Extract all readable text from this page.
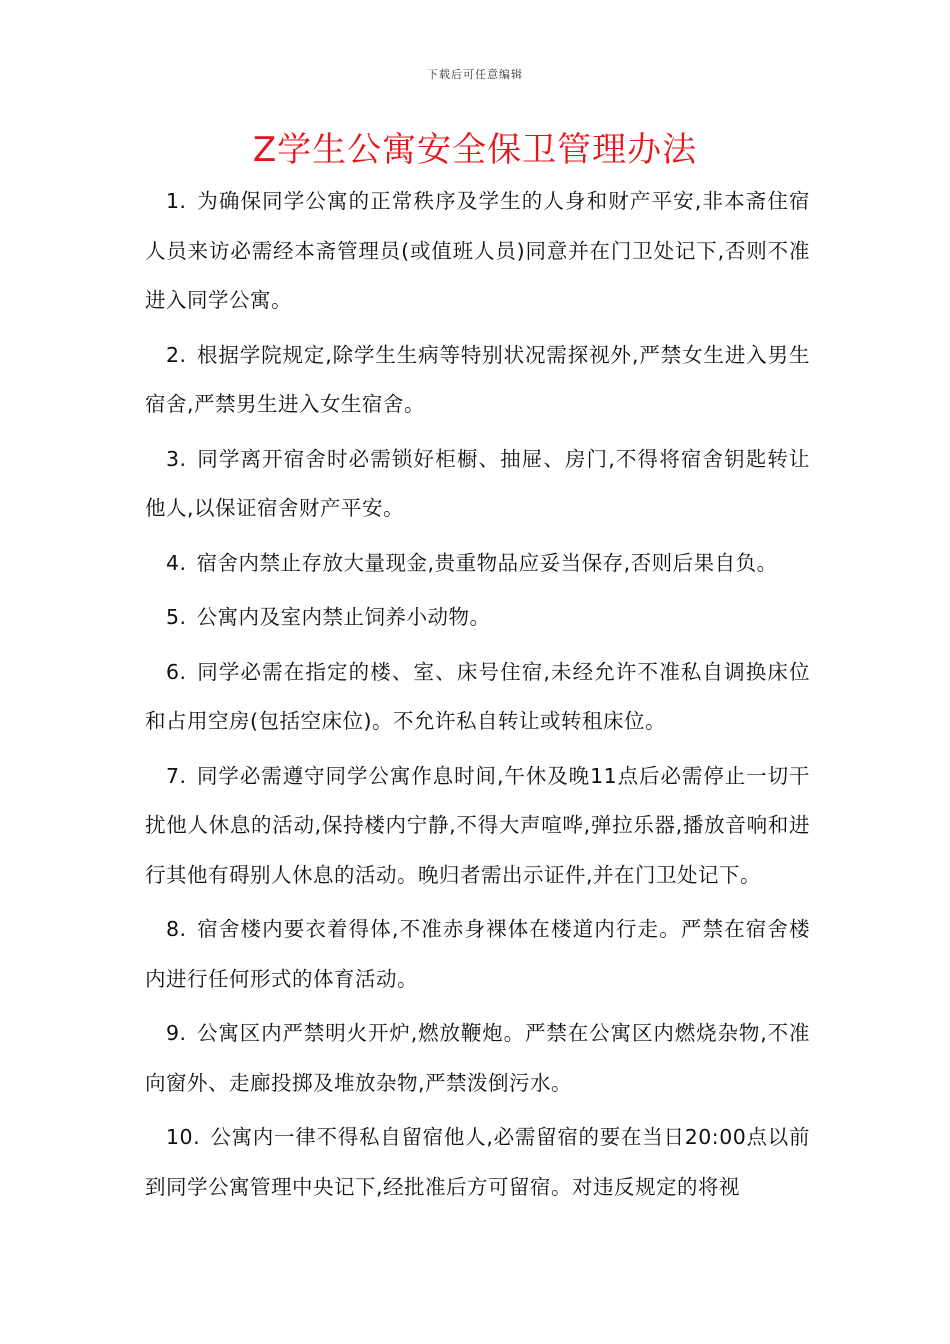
下载后可任意编辑
Z学生公寓安全保卫管理办法

1. 为确保同学公寓的正常秩序及学生的人身和财产平安,非本斋住宿人员来访必需经本斋管理员(或值班人员)同意并在门卫处记下,否则不准进入同学公寓。

2. 根据学院规定,除学生生病等特别状况需探视外,严禁女生进入男生宿舍,严禁男生进入女生宿舍。

3. 同学离开宿舍时必需锁好柜橱、抽屉、房门,不得将宿舍钥匙转让他人,以保证宿舍财产平安。

4. 宿舍内禁止存放大量现金,贵重物品应妥当保存,否则后果自负。

5. 公寓内及室内禁止饲养小动物。

6. 同学必需在指定的楼、室、床号住宿,未经允许不准私自调换床位和占用空房(包括空床位)。不允许私自转让或转租床位。

7. 同学必需遵守同学公寓作息时间,午休及晚11点后必需停止一切干扰他人休息的活动,保持楼内宁静,不得大声喧哗,弹拉乐器,播放音响和进行其他有碍别人休息的活动。晚归者需出示证件,并在门卫处记下。

8. 宿舍楼内要衣着得体,不准赤身裸体在楼道内行走。严禁在宿舍楼内进行任何形式的体育活动。

9. 公寓区内严禁明火开炉,燃放鞭炮。严禁在公寓区内燃烧杂物,不准向窗外、走廊投掷及堆放杂物,严禁泼倒污水。

10. 公寓内一律不得私自留宿他人,必需留宿的要在当日20:00点以前到同学公寓管理中央记下,经批准后方可留宿。对违反规定的将视
